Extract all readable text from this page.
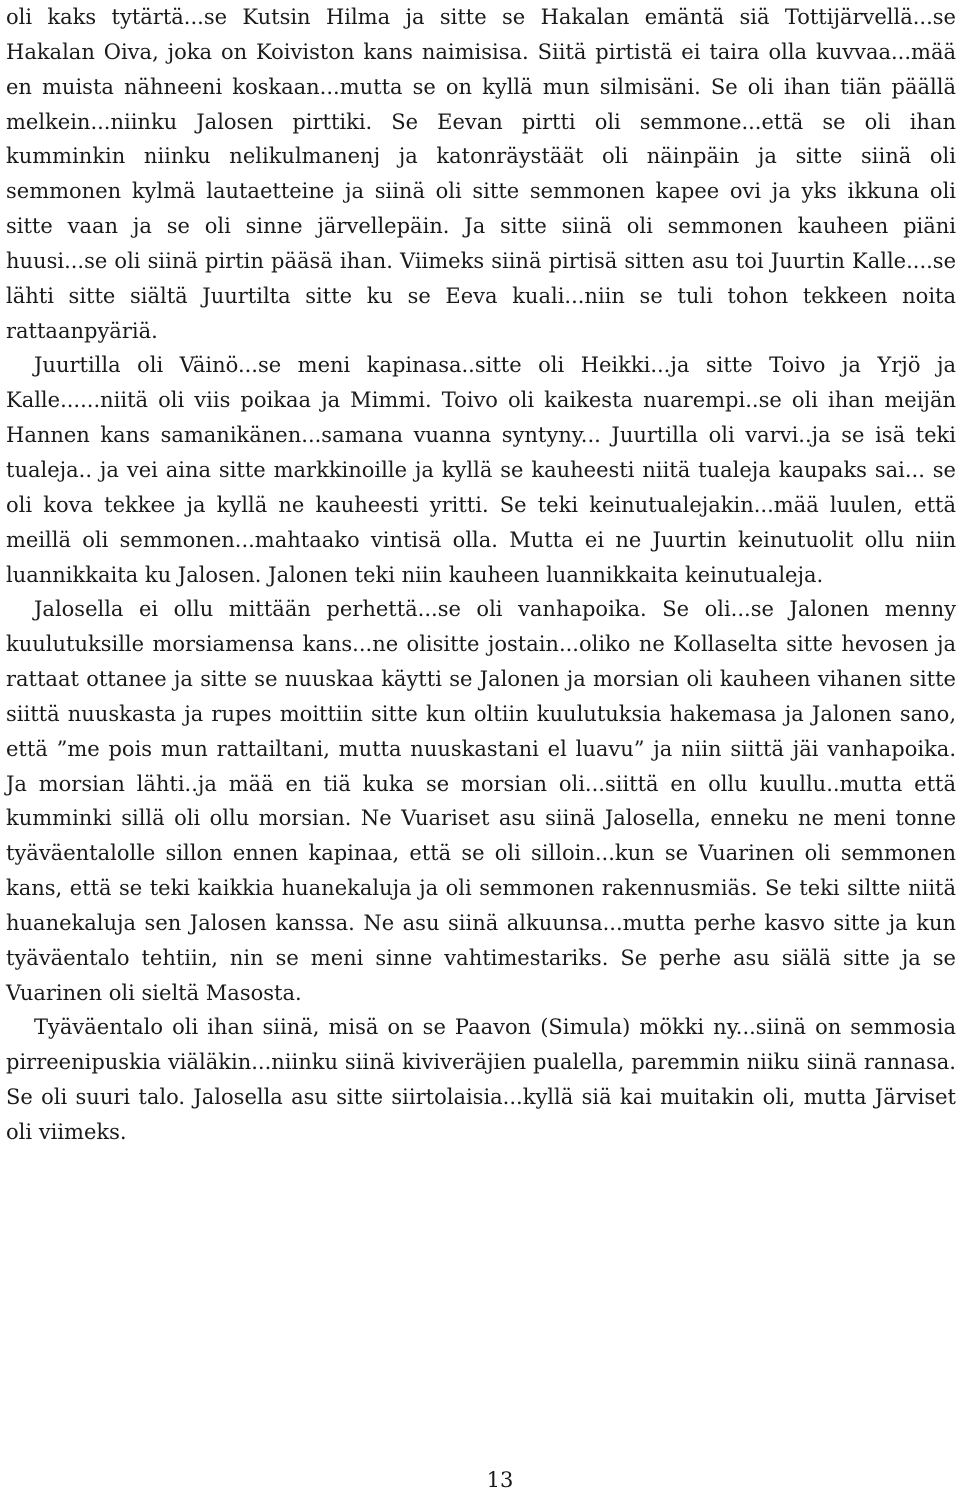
oli kaks tytärtä...se Kutsin Hilma ja sitte se Hakalan emäntä siä Tottijärvellä...se Hakalan Oiva, joka on Koiviston kans naimisisa. Siitä pirtistä ei taira olla kuvvaa...mää en muista nähneeni koskaan...mutta se on kyllä mun silmisäni. Se oli ihan tiän päällä melkein...niinku Jalosen pirttiki. Se Eevan pirtti oli semmone...että se oli ihan kumminkin niinku nelikulmanenj ja katonräystäät oli näinpäin ja sitte siinä oli semmonen kylmä lautaetteine ja siinä oli sitte semmonen kapee ovi ja yks ikkuna oli sitte vaan ja se oli sinne järvellepäin. Ja sitte siinä oli semmonen kauheen piäni huusi...se oli siinä pirtin pääsä ihan. Viimeks siinä pirtisä sitten asu toi Juurtin Kalle....se lähti sitte siältä Juurtilta sitte ku se Eeva kuali...niin se tuli tohon tekkeen noita rattaanpyäriä.

Juurtilla oli Väinö...se meni kapinasa..sitte oli Heikki...ja sitte Toivo ja Yrjö ja Kalle......niitä oli viis poikaa ja Mimmi. Toivo oli kaikesta nuarempi..se oli ihan meijän Hannen kans samanikänen...samana vuanna syntyny... Juurtilla oli varvi..ja se isä teki tualeja.. ja vei aina sitte markkinoille ja kyllä se kauheesti niitä tualeja kaupaks sai... se oli kova tekkee ja kyllä ne kauheesti yritti. Se teki keinutualejakin...mää luulen, että meillä oli semmonen...mahtaako vintisä olla. Mutta ei ne Juurtin keinutuolit ollu niin luannikkaita ku Jalosen. Jalonen teki niin kauheen luannikkaita keinutualeja.

Jalosella ei ollu mittään perhettä...se oli vanhapoika. Se oli...se Jalonen menny kuulutuksille morsiamensa kans...ne olisitte jostain...oliko ne Kollaselta sitte hevosen ja rattaat ottanee ja sitte se nuuskaa käytti se Jalonen ja morsian oli kauheen vihanen sitte siittä nuuskasta ja rupes moittiin sitte kun oltiin kuulutuksia hakemasa ja Jalonen sano, että ”me pois mun rattailtani, mutta nuuskastani el luavu” ja niin siittä jäi vanhapoika. Ja morsian lähti..ja mää en tiä kuka se morsian oli...siittä en ollu kuullu..mutta että kumminki sillä oli ollu morsian. Ne Vuariset asu siinä Jalosella, enneku ne meni tonne tyäväentalolle sillon ennen kapinaa, että se oli silloin...kun se Vuarinen oli semmonen kans, että se teki kaikkia huanekaluja ja oli semmonen rakennusmiäs. Se teki siltte niitä huanekaluja sen Jalosen kanssa. Ne asu siinä alkuunsa...mutta perhe kasvo sitte ja kun tyäväentalo tehtiin, nin se meni sinne vahtimestariks. Se perhe asu siälä sitte ja se Vuarinen oli sieltä Masosta.

Tyäväentalo oli ihan siinä, misä on se Paavon (Simula) mökki ny...siinä on semmosia pirreenipuskia viäläkin...niinku siinä kiviveräjien pualella, paremmin niiku siinä rannasa. Se oli suuri talo. Jalosella asu sitte siirtolaisia...kyllä siä kai muitakin oli, mutta Järviset oli viimeks.

13
